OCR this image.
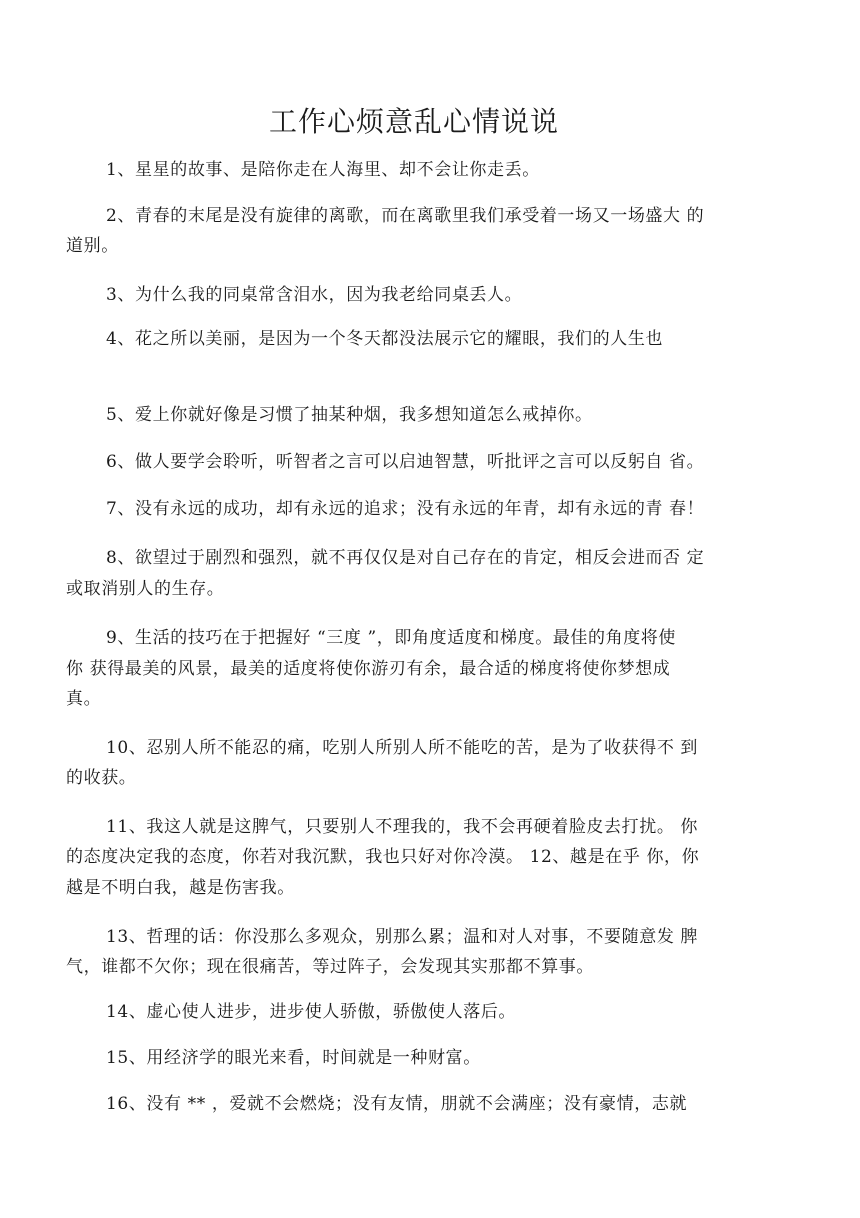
工作心烦意乱心情说说
1、星星的故事、是陪你走在人海里、却不会让你走丢。
2、青春的末尾是没有旋律的离歌，而在离歌里我们承受着一场又一场盛大 的
道别。
3、为什么我的同桌常含泪水，因为我老给同桌丢人。
4、花之所以美丽，是因为一个冬天都没法展示它的耀眼，我们的人生也
5、爱上你就好像是习惯了抽某种烟，我多想知道怎么戒掉你。
6、做人要学会聆听，听智者之言可以启迪智慧，听批评之言可以反躬自 省。
7、没有永远的成功，却有永远的追求；没有永远的年青，却有永远的青 春！
8、欲望过于剧烈和强烈，就不再仅仅是对自己存在的肯定，相反会进而否 定
或取消别人的生存。
9、生活的技巧在于把握好 “三度 ”，即角度适度和梯度。最佳的角度将使
你 获得最美的风景，最美的适度将使你游刃有余，最合适的梯度将使你梦想成
真。
10、忍别人所不能忍的痛，吃别人所别人所不能吃的苦，是为了收获得不 到
的收获。
11、我这人就是这脾气，只要别人不理我的，我不会再硬着脸皮去打扰。 你
的态度决定我的态度，你若对我沉默，我也只好对你冷漠。 12、越是在乎 你，你
越是不明白我，越是伤害我。
13、哲理的话：你没那么多观众，别那么累；温和对人对事，不要随意发 脾
气，谁都不欠你；现在很痛苦，等过阵子，会发现其实那都不算事。
14、虚心使人进步，进步使人骄傲，骄傲使人落后。
15、用经济学的眼光来看，时间就是一种财富。
16、没有 ** ，爱就不会燃烧；没有友情，朋就不会满座；没有豪情，志就
